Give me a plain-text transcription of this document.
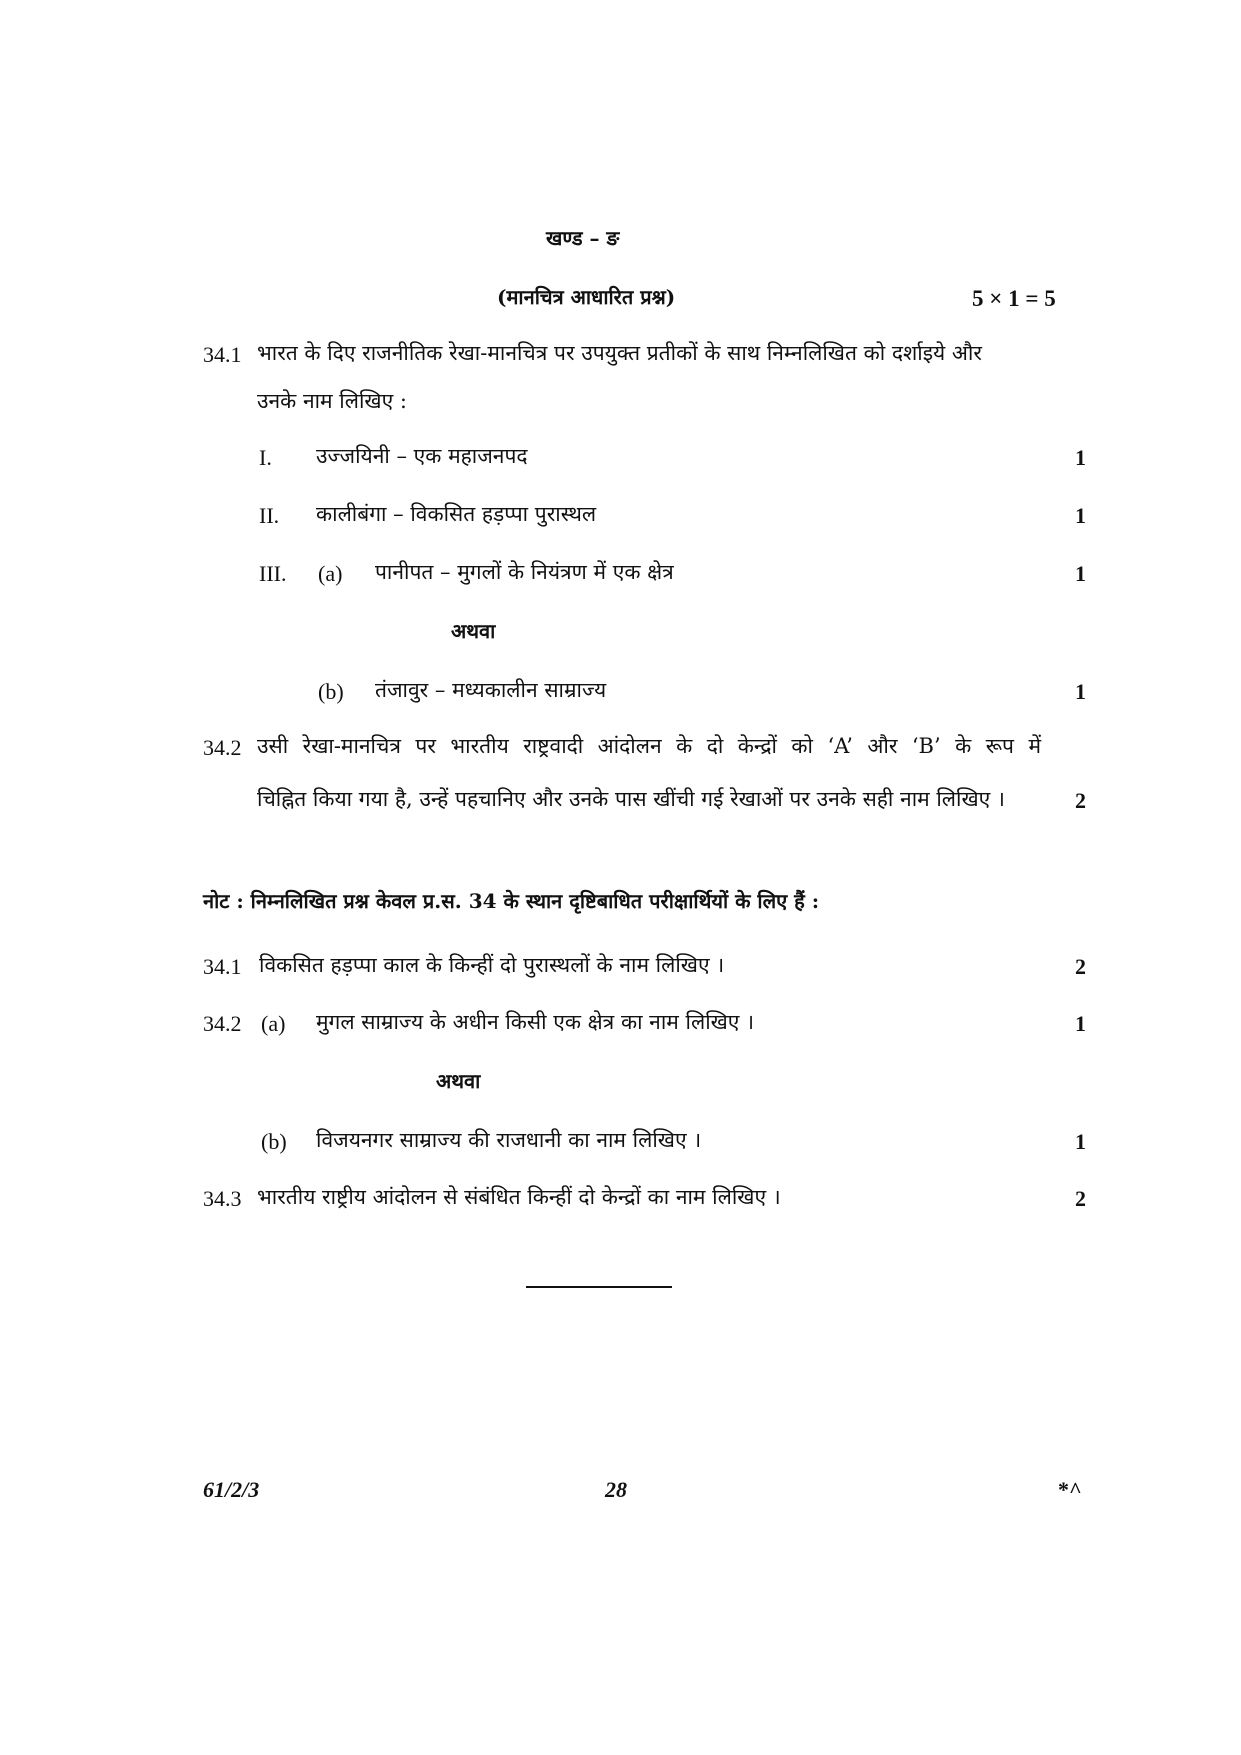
खण्ड – ङ
(मानचित्र आधारित प्रश्न)	5 × 1 = 5
34.1 भारत के दिए राजनीतिक रेखा-मानचित्र पर उपयुक्त प्रतीकों के साथ निम्नलिखित को दर्शाइये और
उनके नाम लिखिए :
I. उज्जयिनी – एक महाजनपद	1
II. कालीबंगा – विकसित हड़प्पा पुरास्थल	1
III. (a) पानीपत – मुगलों के नियंत्रण में एक क्षेत्र	1
अथवा
(b) तंजावुर – मध्यकालीन साम्राज्य	1
34.2 उसी रेखा-मानचित्र पर भारतीय राष्ट्रवादी आंदोलन के दो केन्द्रों को ‘A’ और ‘B’ के रूप में
चिह्नित किया गया है, उन्हें पहचानिए और उनके पास खींची गई रेखाओं पर उनके सही नाम लिखिए ।	2
नोट : निम्नलिखित प्रश्न केवल प्र.स. 34 के स्थान दृष्टिबाधित परीक्षार्थियों के लिए हैं :
34.1 विकसित हड़प्पा काल के किन्हीं दो पुरास्थलों के नाम लिखिए ।	2
34.2 (a) मुगल साम्राज्य के अधीन किसी एक क्षेत्र का नाम लिखिए ।	1
अथवा
(b) विजयनगर साम्राज्य की राजधानी का नाम लिखिए ।	1
34.3 भारतीय राष्ट्रीय आंदोलन से संबंधित किन्हीं दो केन्द्रों का नाम लिखिए ।	2
61/2/3	28	*^
